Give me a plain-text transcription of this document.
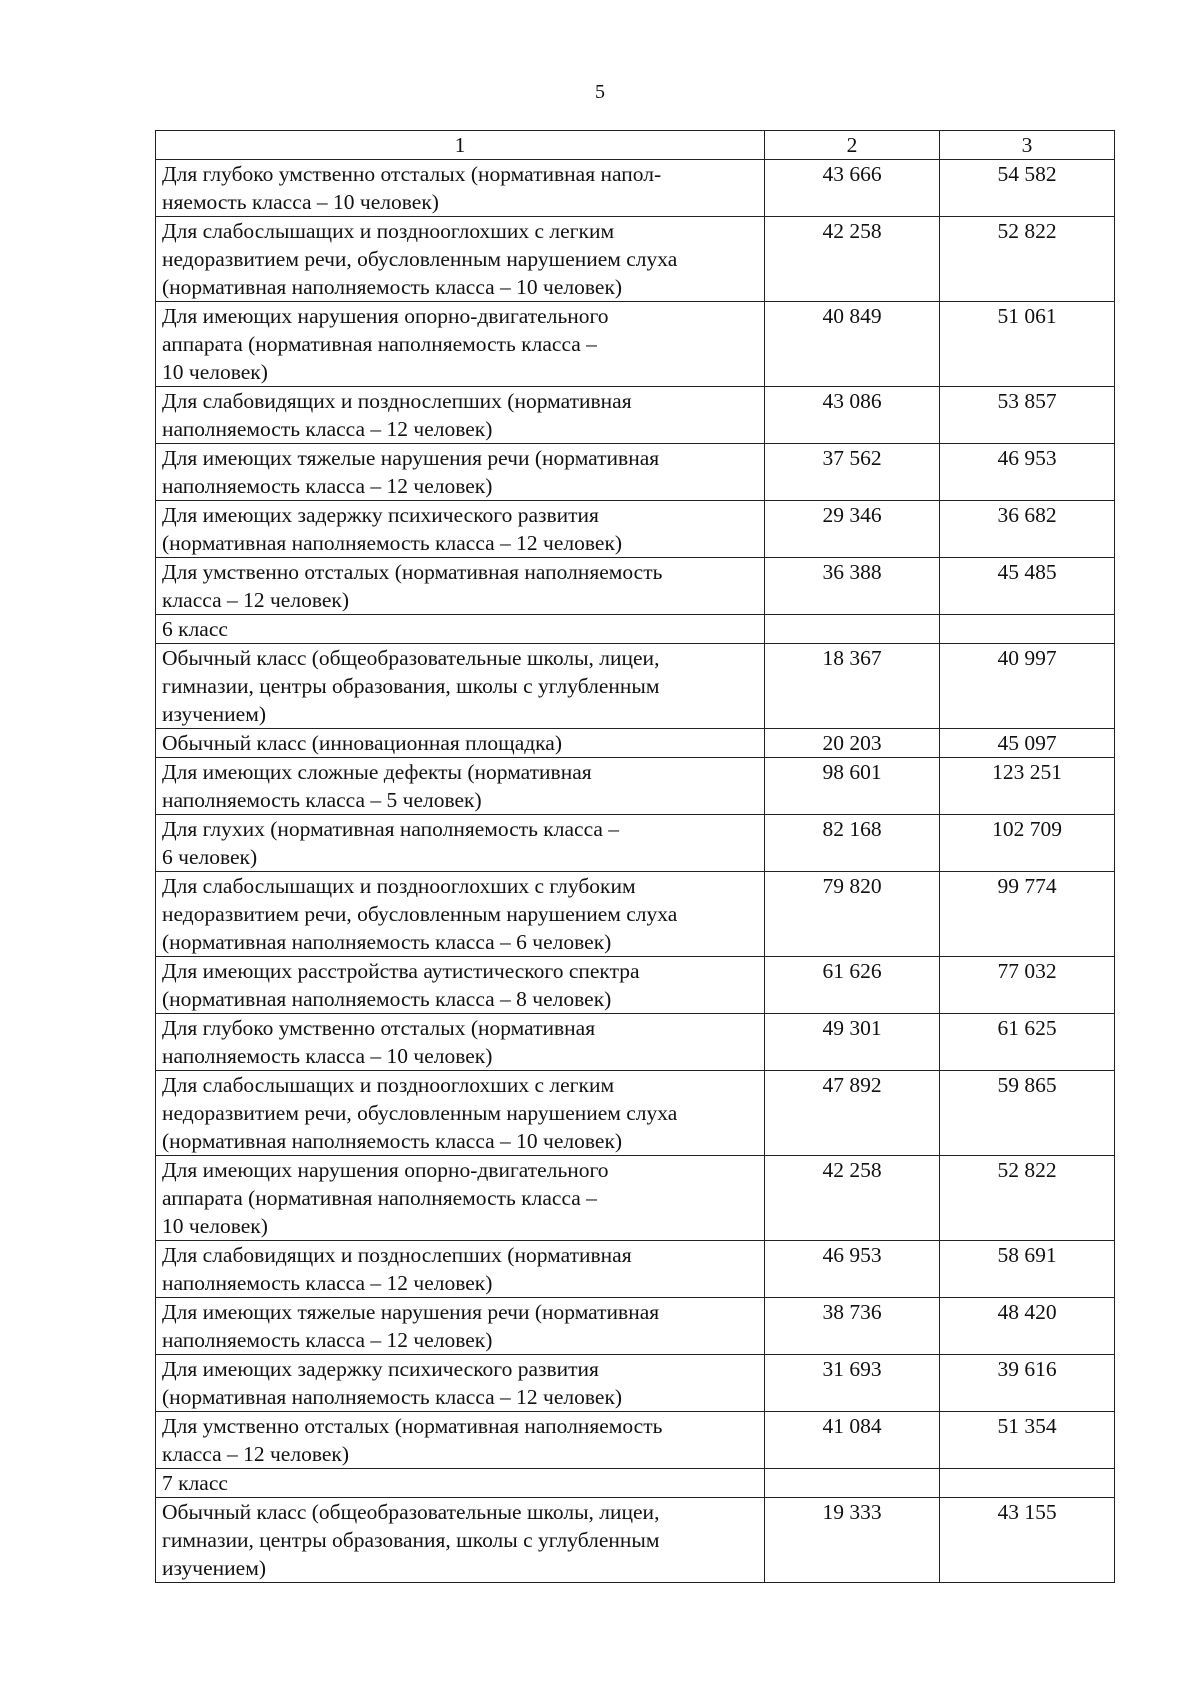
5
1	2	3

Для глубоко умственно отсталых (нормативная напол-
няемость класса – 10 человек)	43 666	54 582

Для слабослышащих и позднооглохших с легким
недоразвитием речи, обусловленным нарушением слуха
(нормативная наполняемость класса – 10 человек)	42 258	52 822

Для имеющих нарушения опорно-двигательного
аппарата (нормативная наполняемость класса –
10 человек)	40 849	51 061

Для слабовидящих и позднослепших (нормативная
наполняемость класса – 12 человек)	43 086	53 857

Для имеющих тяжелые нарушения речи (нормативная
наполняемость класса – 12 человек)	37 562	46 953

Для имеющих задержку психического развития
(нормативная наполняемость класса – 12 человек)	29 346	36 682

Для умственно отсталых (нормативная наполняемость
класса – 12 человек)	36 388	45 485

6 класс		

Обычный класс (общеобразовательные школы, лицеи,
гимназии, центры образования, школы с углубленным
изучением)	18 367	40 997

Обычный класс (инновационная площадка)	20 203	45 097

Для имеющих сложные дефекты (нормативная
наполняемость класса – 5 человек)	98 601	123 251

Для глухих (нормативная наполняемость класса –
6 человек)	82 168	102 709

Для слабослышащих и позднооглохших с глубоким
недоразвитием речи, обусловленным нарушением слуха
(нормативная наполняемость класса – 6 человек)	79 820	99 774

Для имеющих расстройства аутистического спектра
(нормативная наполняемость класса – 8 человек)	61 626	77 032

Для глубоко умственно отсталых (нормативная
наполняемость класса – 10 человек)	49 301	61 625

Для слабослышащих и позднооглохших с легким
недоразвитием речи, обусловленным нарушением слуха
(нормативная наполняемость класса – 10 человек)	47 892	59 865

Для имеющих нарушения опорно-двигательного
аппарата (нормативная наполняемость класса –
10 человек)	42 258	52 822

Для слабовидящих и позднослепших (нормативная
наполняемость класса – 12 человек)	46 953	58 691

Для имеющих тяжелые нарушения речи (нормативная
наполняемость класса – 12 человек)	38 736	48 420

Для имеющих задержку психического развития
(нормативная наполняемость класса – 12 человек)	31 693	39 616

Для умственно отсталых (нормативная наполняемость
класса – 12 человек)	41 084	51 354

7 класс		

Обычный класс (общеобразовательные школы, лицеи,
гимназии, центры образования, школы с углубленным
изучением)	19 333	43 155
